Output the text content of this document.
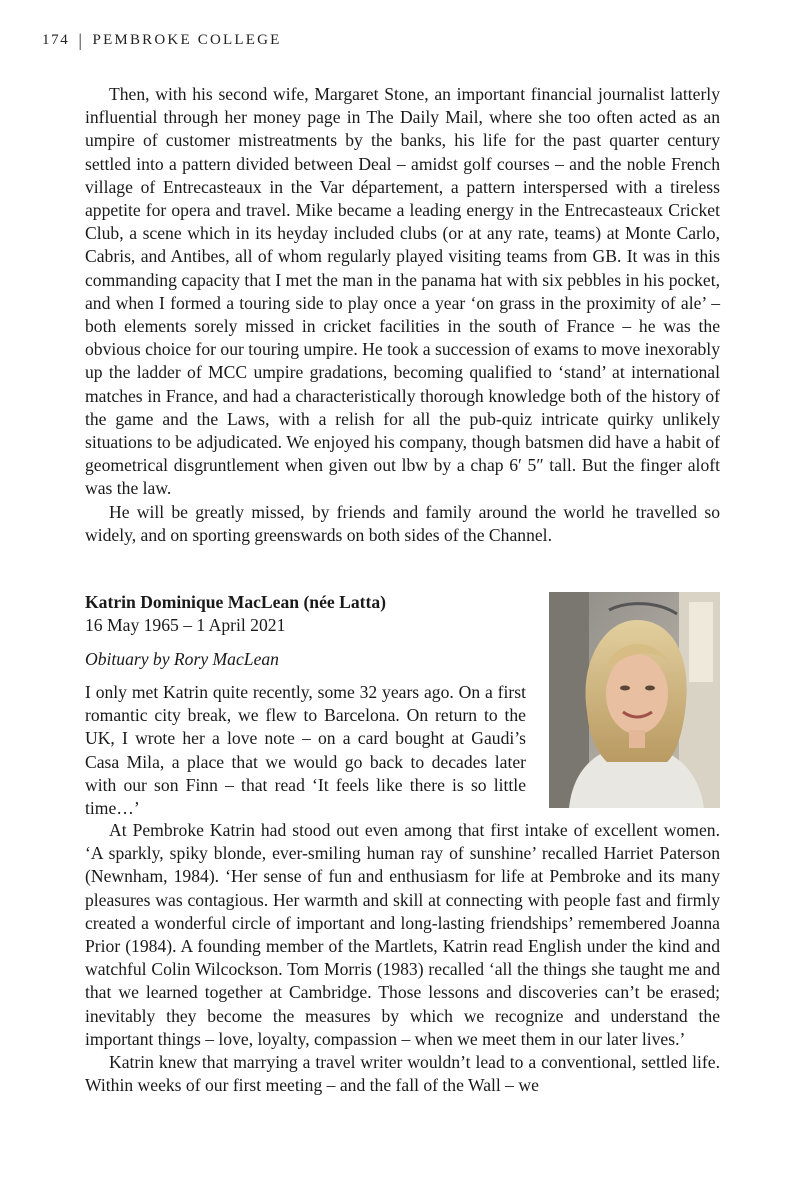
174 | PEMBROKE COLLEGE

Then, with his second wife, Margaret Stone, an important financial journalist latterly influential through her money page in The Daily Mail, where she too often acted as an umpire of customer mistreatments by the banks, his life for the past quarter century settled into a pattern divided between Deal – amidst golf courses – and the noble French village of Entrecasteaux in the Var département, a pattern interspersed with a tireless appetite for opera and travel. Mike became a leading energy in the Entrecasteaux Cricket Club, a scene which in its heyday included clubs (or at any rate, teams) at Monte Carlo, Cabris, and Antibes, all of whom regularly played visiting teams from GB. It was in this commanding capacity that I met the man in the panama hat with six pebbles in his pocket, and when I formed a touring side to play once a year ‘on grass in the proximity of ale’ – both elements sorely missed in cricket facilities in the south of France – he was the obvious choice for our touring umpire. He took a succession of exams to move inexorably up the ladder of MCC umpire gradations, becoming qualified to ‘stand’ at international matches in France, and had a characteristically thorough knowledge both of the history of the game and the Laws, with a relish for all the pub-quiz intricate quirky unlikely situations to be adjudicated. We enjoyed his company, though batsmen did have a habit of geometrical disgruntlement when given out lbw by a chap 6′ 5″ tall. But the finger aloft was the law.

He will be greatly missed, by friends and family around the world he travelled so widely, and on sporting greenswards on both sides of the Channel.

Katrin Dominique MacLean (née Latta)
16 May 1965 – 1 April 2021
Obituary by Rory MacLean

I only met Katrin quite recently, some 32 years ago. On a first romantic city break, we flew to Barcelona. On return to the UK, I wrote her a love note – on a card bought at Gaudi’s Casa Mila, a place that we would go back to decades later with our son Finn – that read ‘It feels like there is so little time…’

At Pembroke Katrin had stood out even among that first intake of excellent women. ‘A sparkly, spiky blonde, ever-smiling human ray of sunshine’ recalled Harriet Paterson (Newnham, 1984). ‘Her sense of fun and enthusiasm for life at Pembroke and its many pleasures was contagious. Her warmth and skill at connecting with people fast and firmly created a wonderful circle of important and long-lasting friendships’ remembered Joanna Prior (1984). A founding member of the Martlets, Katrin read English under the kind and watchful Colin Wilcockson. Tom Morris (1983) recalled ‘all the things she taught me and that we learned together at Cambridge. Those lessons and discoveries can’t be erased; inevitably they become the measures by which we recognize and understand the important things – love, loyalty, compassion – when we meet them in our later lives.’

Katrin knew that marrying a travel writer wouldn’t lead to a conventional, settled life. Within weeks of our first meeting – and the fall of the Wall – we
